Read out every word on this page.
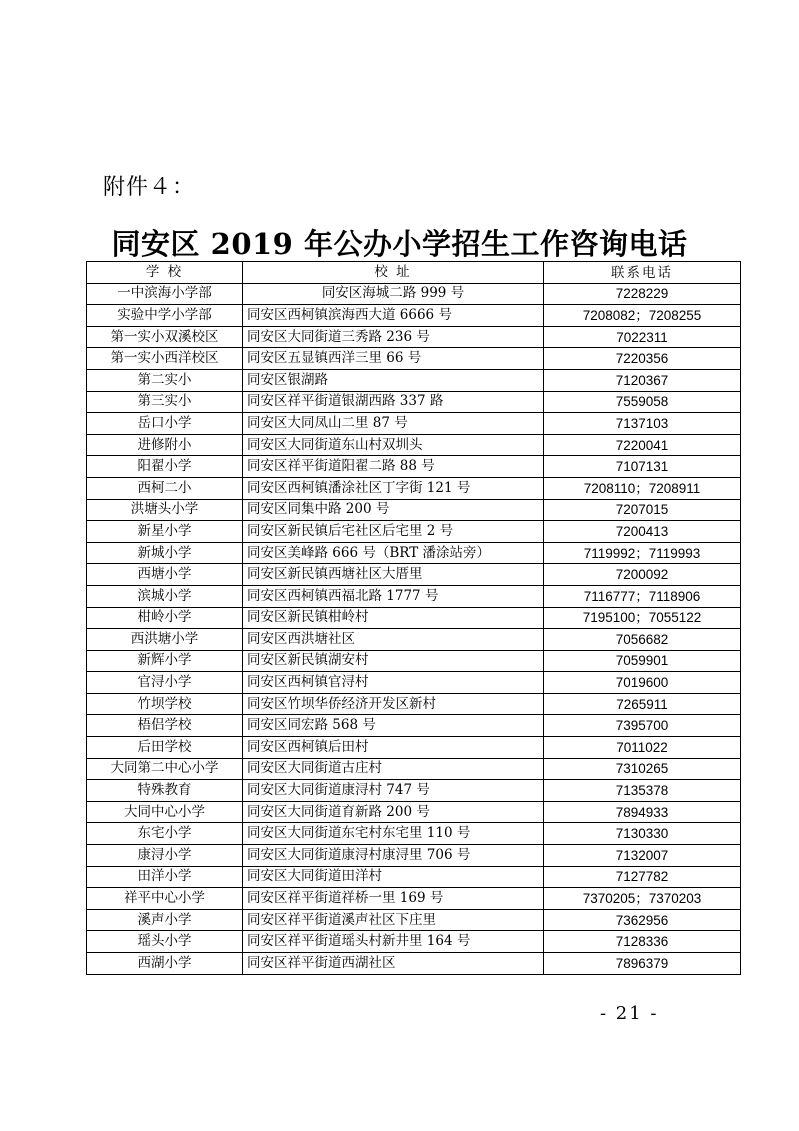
附件４：
同安区 2019 年公办小学招生工作咨询电话
学 校	校 址	联系电话
一中滨海小学部	同安区海城二路 999 号	7228229
实验中学小学部	同安区西柯镇滨海西大道 6666 号	7208082；7208255
第一实小双溪校区	同安区大同街道三秀路 236 号	7022311
第一实小西洋校区	同安区五显镇西洋三里 66 号	7220356
第二实小	同安区银湖路	7120367
第三实小	同安区祥平街道银湖西路 337 路	7559058
岳口小学	同安区大同凤山二里 87 号	7137103
进修附小	同安区大同街道东山村双圳头	7220041
阳翟小学	同安区祥平街道阳翟二路 88 号	7107131
西柯二小	同安区西柯镇潘涂社区丁字街 121 号	7208110；7208911
洪塘头小学	同安区同集中路 200 号	7207015
新星小学	同安区新民镇后宅社区后宅里 2 号	7200413
新城小学	同安区美峰路 666 号（BRT 潘涂站旁）	7119992；7119993
西塘小学	同安区新民镇西塘社区大厝里	7200092
滨城小学	同安区西柯镇西福北路 1777 号	7116777；7118906
柑岭小学	同安区新民镇柑岭村	7195100；7055122
西洪塘小学	同安区西洪塘社区	7056682
新辉小学	同安区新民镇湖安村	7059901
官浔小学	同安区西柯镇官浔村	7019600
竹坝学校	同安区竹坝华侨经济开发区新村	7265911
梧侣学校	同安区同宏路 568 号	7395700
后田学校	同安区西柯镇后田村	7011022
大同第二中心小学	同安区大同街道古庄村	7310265
特殊教育	同安区大同街道康浔村 747 号	7135378
大同中心小学	同安区大同街道育新路 200 号	7894933
东宅小学	同安区大同街道东宅村东宅里 110 号	7130330
康浔小学	同安区大同街道康浔村康浔里 706 号	7132007
田洋小学	同安区大同街道田洋村	7127782
祥平中心小学	同安区祥平街道祥桥一里 169 号	7370205；7370203
溪声小学	同安区祥平街道溪声社区下庄里	7362956
瑶头小学	同安区祥平街道瑶头村新井里 164 号	7128336
西湖小学	同安区祥平街道西湖社区	7896379
- 21 -
